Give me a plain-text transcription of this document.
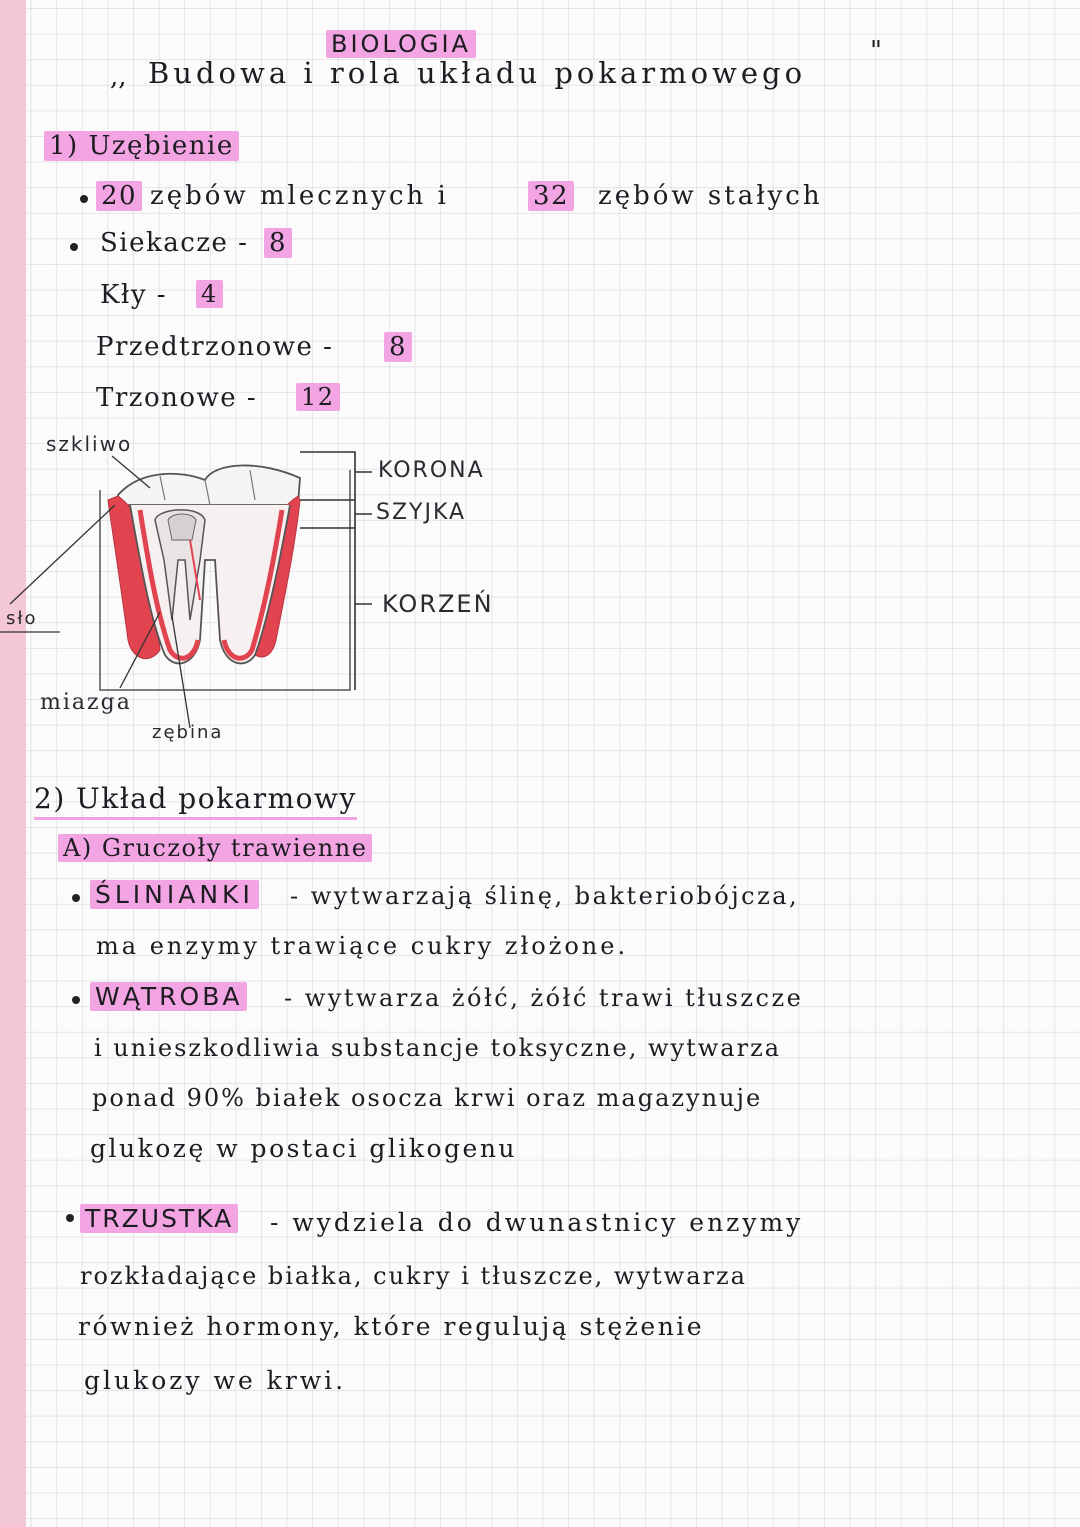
BIOLOGIA
,, Budowa i rola układu pokarmowego
"
1) Uzębienie
20 zębów mlecznych i	32 zębów stałych
Siekacze - 8
Kły - 4
Przedtrzonowe - 8
Trzonowe - 12
szkliwo
KORONA
SZYJKA
KORZEŃ
sło
miazga
zębina
2) Układ pokarmowy
A) Gruczoły trawienne
ŚLINIANKI - wytwarzają ślinę, bakteriobójcza,
ma enzymy trawiące cukry złożone.
WĄTROBA - wytwarza żółć, żółć trawi tłuszcze
i unieszkodliwia substancje toksyczne, wytwarza
ponad 90% białek osocza krwi oraz magazynuje
glukozę w postaci glikogenu
TRZUSTKA - wydziela do dwunastnicy enzymy
rozkładające białka, cukry i tłuszcze, wytwarza
również hormony, które regulują stężenie
glukozy we krwi.
